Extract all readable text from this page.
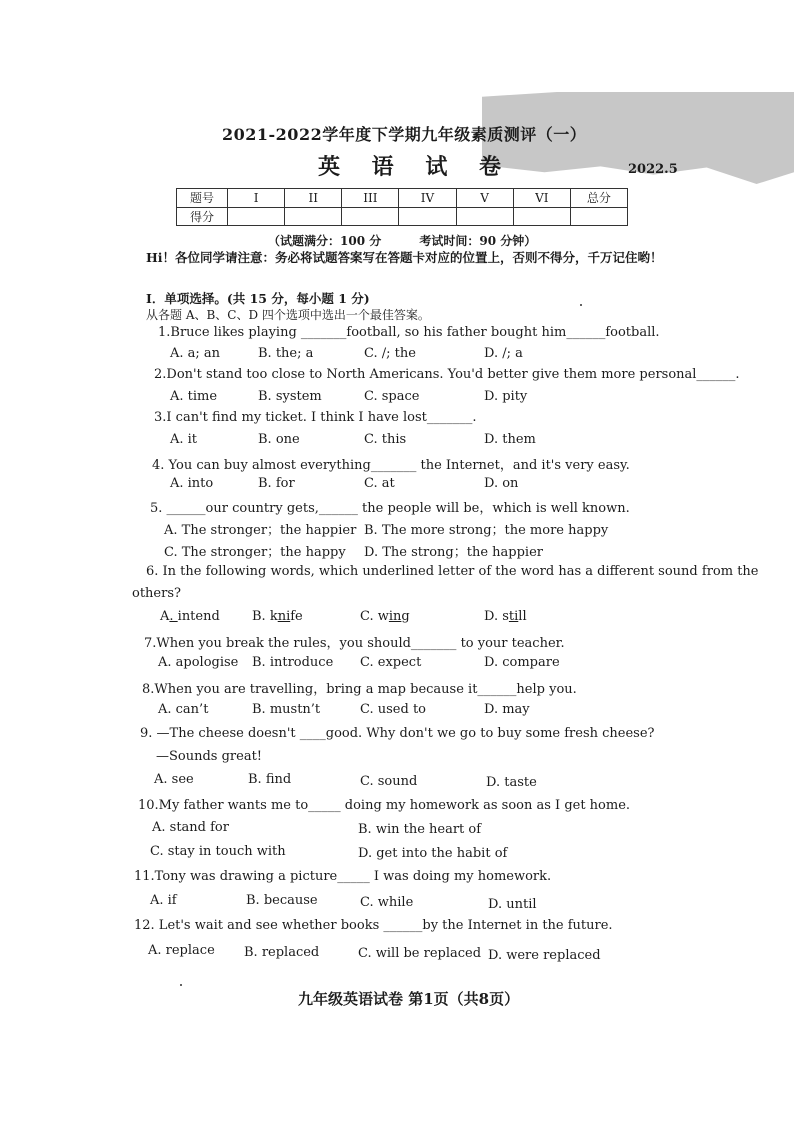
2021-2022学年度下学期九年级素质测评（一）
英 语 试 卷	2022.5
题号	I	II	III	IV	V	VI	总分
得分							
（试题满分：100 分	考试时间：90 分钟）
Hi！各位同学请注意：务必将试题答案写在答题卡对应的位置上，否则不得分，千万记住哟！
Ⅰ．单项选择。(共 15 分，每小题 1 分)
从各题 A、B、C、D 四个选项中选出一个最佳答案。
1.Bruce likes playing _______football, so his father bought him______football.
A. a; an	B. the; a	C. /; the	D. /; a
2.Don't stand too close to North Americans. You'd better give them more personal______.
A. time	B. system	C. space	D. pity
3.I can't find my ticket. I think I have lost_______.
A. it	B. one	C. this	D. them
4. You can buy almost everything_______ the Internet，and it's very easy.
A. into	B. for	C. at	D. on
5. ______our country gets,______ the people will be，which is well known.
A. The stronger；the happier B. The more strong；the more happy
C. The stronger；the happy D. The strong；the happier
6. In the following words, which underlined letter of the word has a different sound from the
others?
A. intend B. knife	C. wing	D. still
7.When you break the rules，you should_______ to your teacher.
A. apologise B. introduce C. expect	D. compare
8.When you are travelling，bring a map because it______help you.
A. can’t	B. mustn’t	C. used to	D. may
9. —The cheese doesn't ____good. Why don't we go to buy some fresh cheese?
—Sounds great!
A. see	B. find	C. sound	D. taste
10.My father wants me to_____ doing my homework as soon as I get home.
A. stand for	B. win the heart of
C. stay in touch with	D. get into the habit of
11.Tony was drawing a picture_____ I was doing my homework.
A. if	B. because	C. while	D. until
12. Let's wait and see whether books ______by the Internet in the future.
A. replace B. replaced	C. will be replaced D. were replaced
九年级英语试卷 第1页（共8页）
